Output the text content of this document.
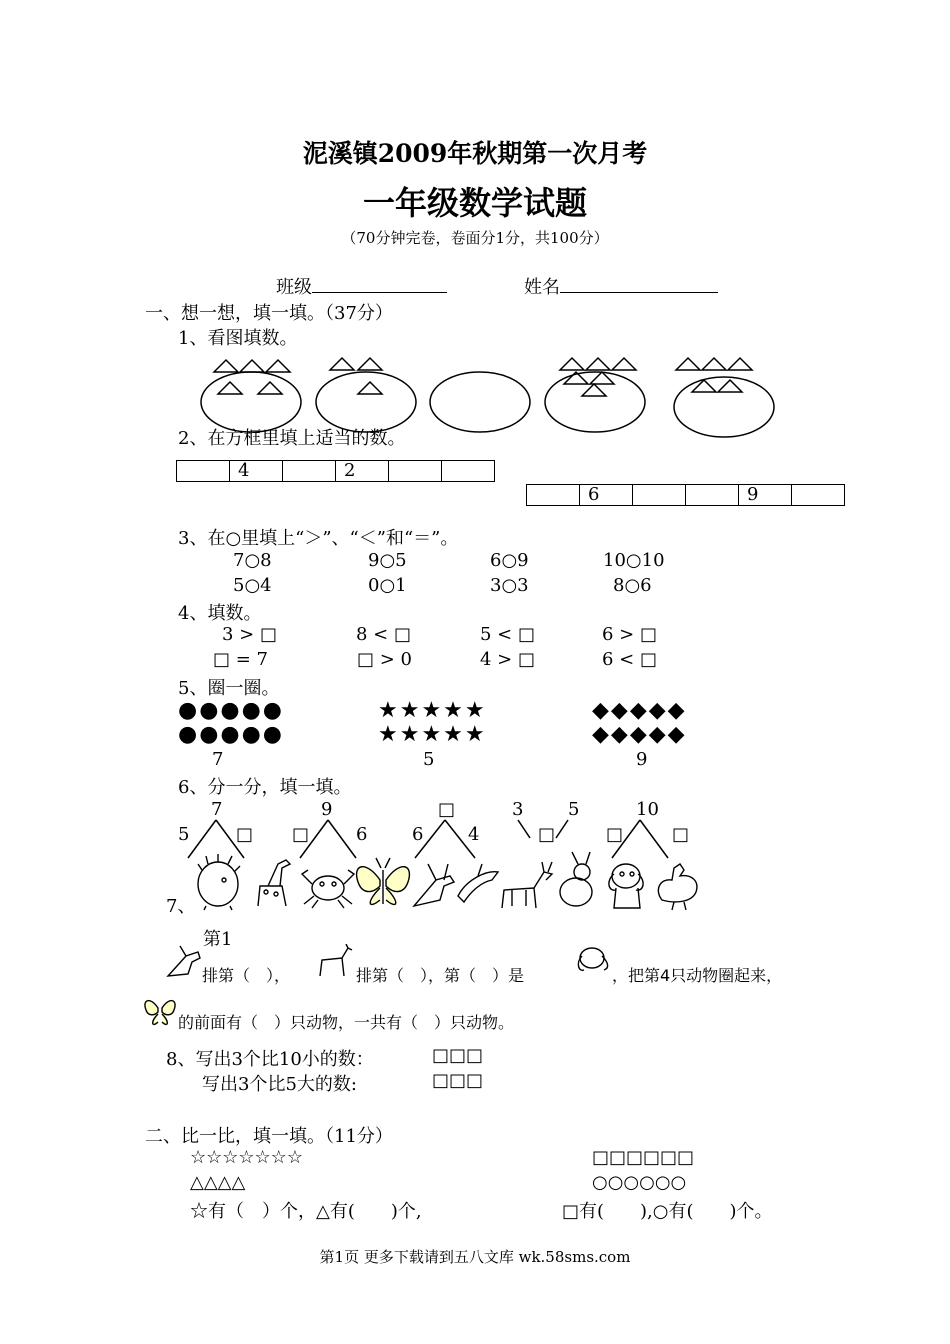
泥溪镇2009年秋期第一次月考
一年级数学试题
（70分钟完卷，卷面分1分，共100分）
班级	姓名
一、想一想，填一填。（37分）
1、看图填数。
2、在方框里填上适当的数。
	4		2		
	6			9	
3、在○里填上“＞”、“＜”和“＝”。
7○8	9○5	6○9	10○10
5○4	0○1	3○3	8○6
4、填数。
3 > □	8 < □	5 < □	6 > □
□ = 7	□ > 0	4 > □	6 < □
5、圈一圈。
●●●●●
●●●●●
★★★★★
★★★★★
◆◆◆◆◆
◆◆◆◆◆
7	5	9
6、分一分，填一填。
7	9	□	3 5	10
5	□ □	6 6 4	□	□	□
7、
第1
排第（　），	排第（　），第（　）是	，把第4只动物圈起来，
的前面有（　）只动物，一共有（　）只动物。
8、写出3个比10小的数：	□□□
写出3个比5大的数:	□□□
二、比一比，填一填。（11分）
☆☆☆☆☆☆☆
△△△△
□□□□□□
○○○○○○
☆有（　）个，△有(　　)个,	□有(　　),○有(　　)个。
第1页 更多下载请到五八文库 wk.58sms.com
